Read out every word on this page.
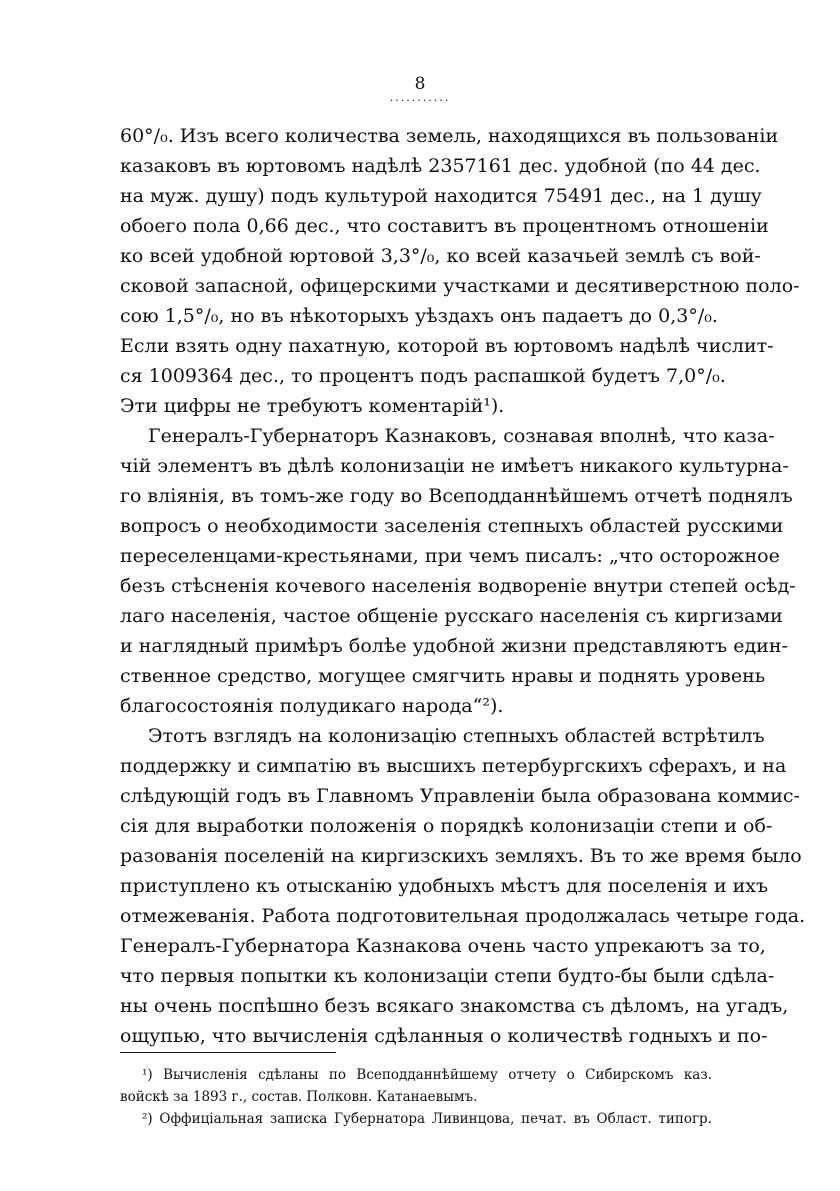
8
...........
60°/₀. Изъ всего количества земель, находящихся въ пользованіи
казаковъ въ юртовомъ надѣлѣ 2357161 дес. удобной (по 44 дес.
на муж. душу) подъ культурой находится 75491 дес., на 1 душу
обоего пола 0,66 дес., что составитъ въ процентномъ отношеніи
ко всей удобной юртовой 3,3°/₀, ко всей казачьей землѣ съ вой-
сковой запасной, офицерскими участками и десятиверстною поло-
сою 1,5°/₀, но въ нѣкоторыхъ уѣздахъ онъ падаетъ до 0,3°/₀.
Если взять одну пахатную, которой въ юртовомъ надѣлѣ числит-
ся 1009364 дес., то процентъ подъ распашкой будетъ 7,0°/₀.
Эти цифры не требуютъ коментарій¹).
Генералъ-Губернаторъ Казнаковъ, сознавая вполнѣ, что каза-
чій элементъ въ дѣлѣ колонизаціи не имѣетъ никакого культурна-
го вліянія, въ томъ-же году во Всеподданнѣйшемъ отчетѣ поднялъ
вопросъ о необходимости заселенія степныхъ областей русскими
переселенцами-крестьянами, при чемъ писалъ: „что осторожное
безъ стѣсненія кочевого населенія водвореніе внутри степей осѣд-
лаго населенія, частое общеніе русскаго населенія съ киргизами
и наглядный примѣръ болѣе удобной жизни представляютъ един-
ственное средство, могущее смягчить нравы и поднять уровень
благосостоянія полудикаго народа“²).
Этотъ взглядъ на колонизацію степныхъ областей встрѣтилъ
поддержку и симпатію въ высшихъ петербургскихъ сферахъ, и на
слѣдующій годъ въ Главномъ Управленіи была образована коммис-
сія для выработки положенія о порядкѣ колонизаціи степи и об-
разованія поселеній на киргизскихъ земляхъ. Въ то же время было
приступлено къ отысканію удобныхъ мѣстъ для поселенія и ихъ
отмежеванія. Работа подготовительная продолжалась четыре года.
Генералъ-Губернатора Казнакова очень часто упрекаютъ за то,
что первыя попытки къ колонизаціи степи будто-бы были сдѣла-
ны очень поспѣшно безъ всякаго знакомства съ дѣломъ, на угадъ,
ощупью, что вычисленія сдѣланныя о количествѣ годныхъ и по-
¹) Вычисленія сдѣланы по Всеподданнѣйшему отчету о Сибирскомъ каз.
войскѣ за 1893 г., состав. Полковн. Катанаевымъ.
²) Оффиціальная записка Губернатора Ливинцова, печат. въ Област. типогр.
